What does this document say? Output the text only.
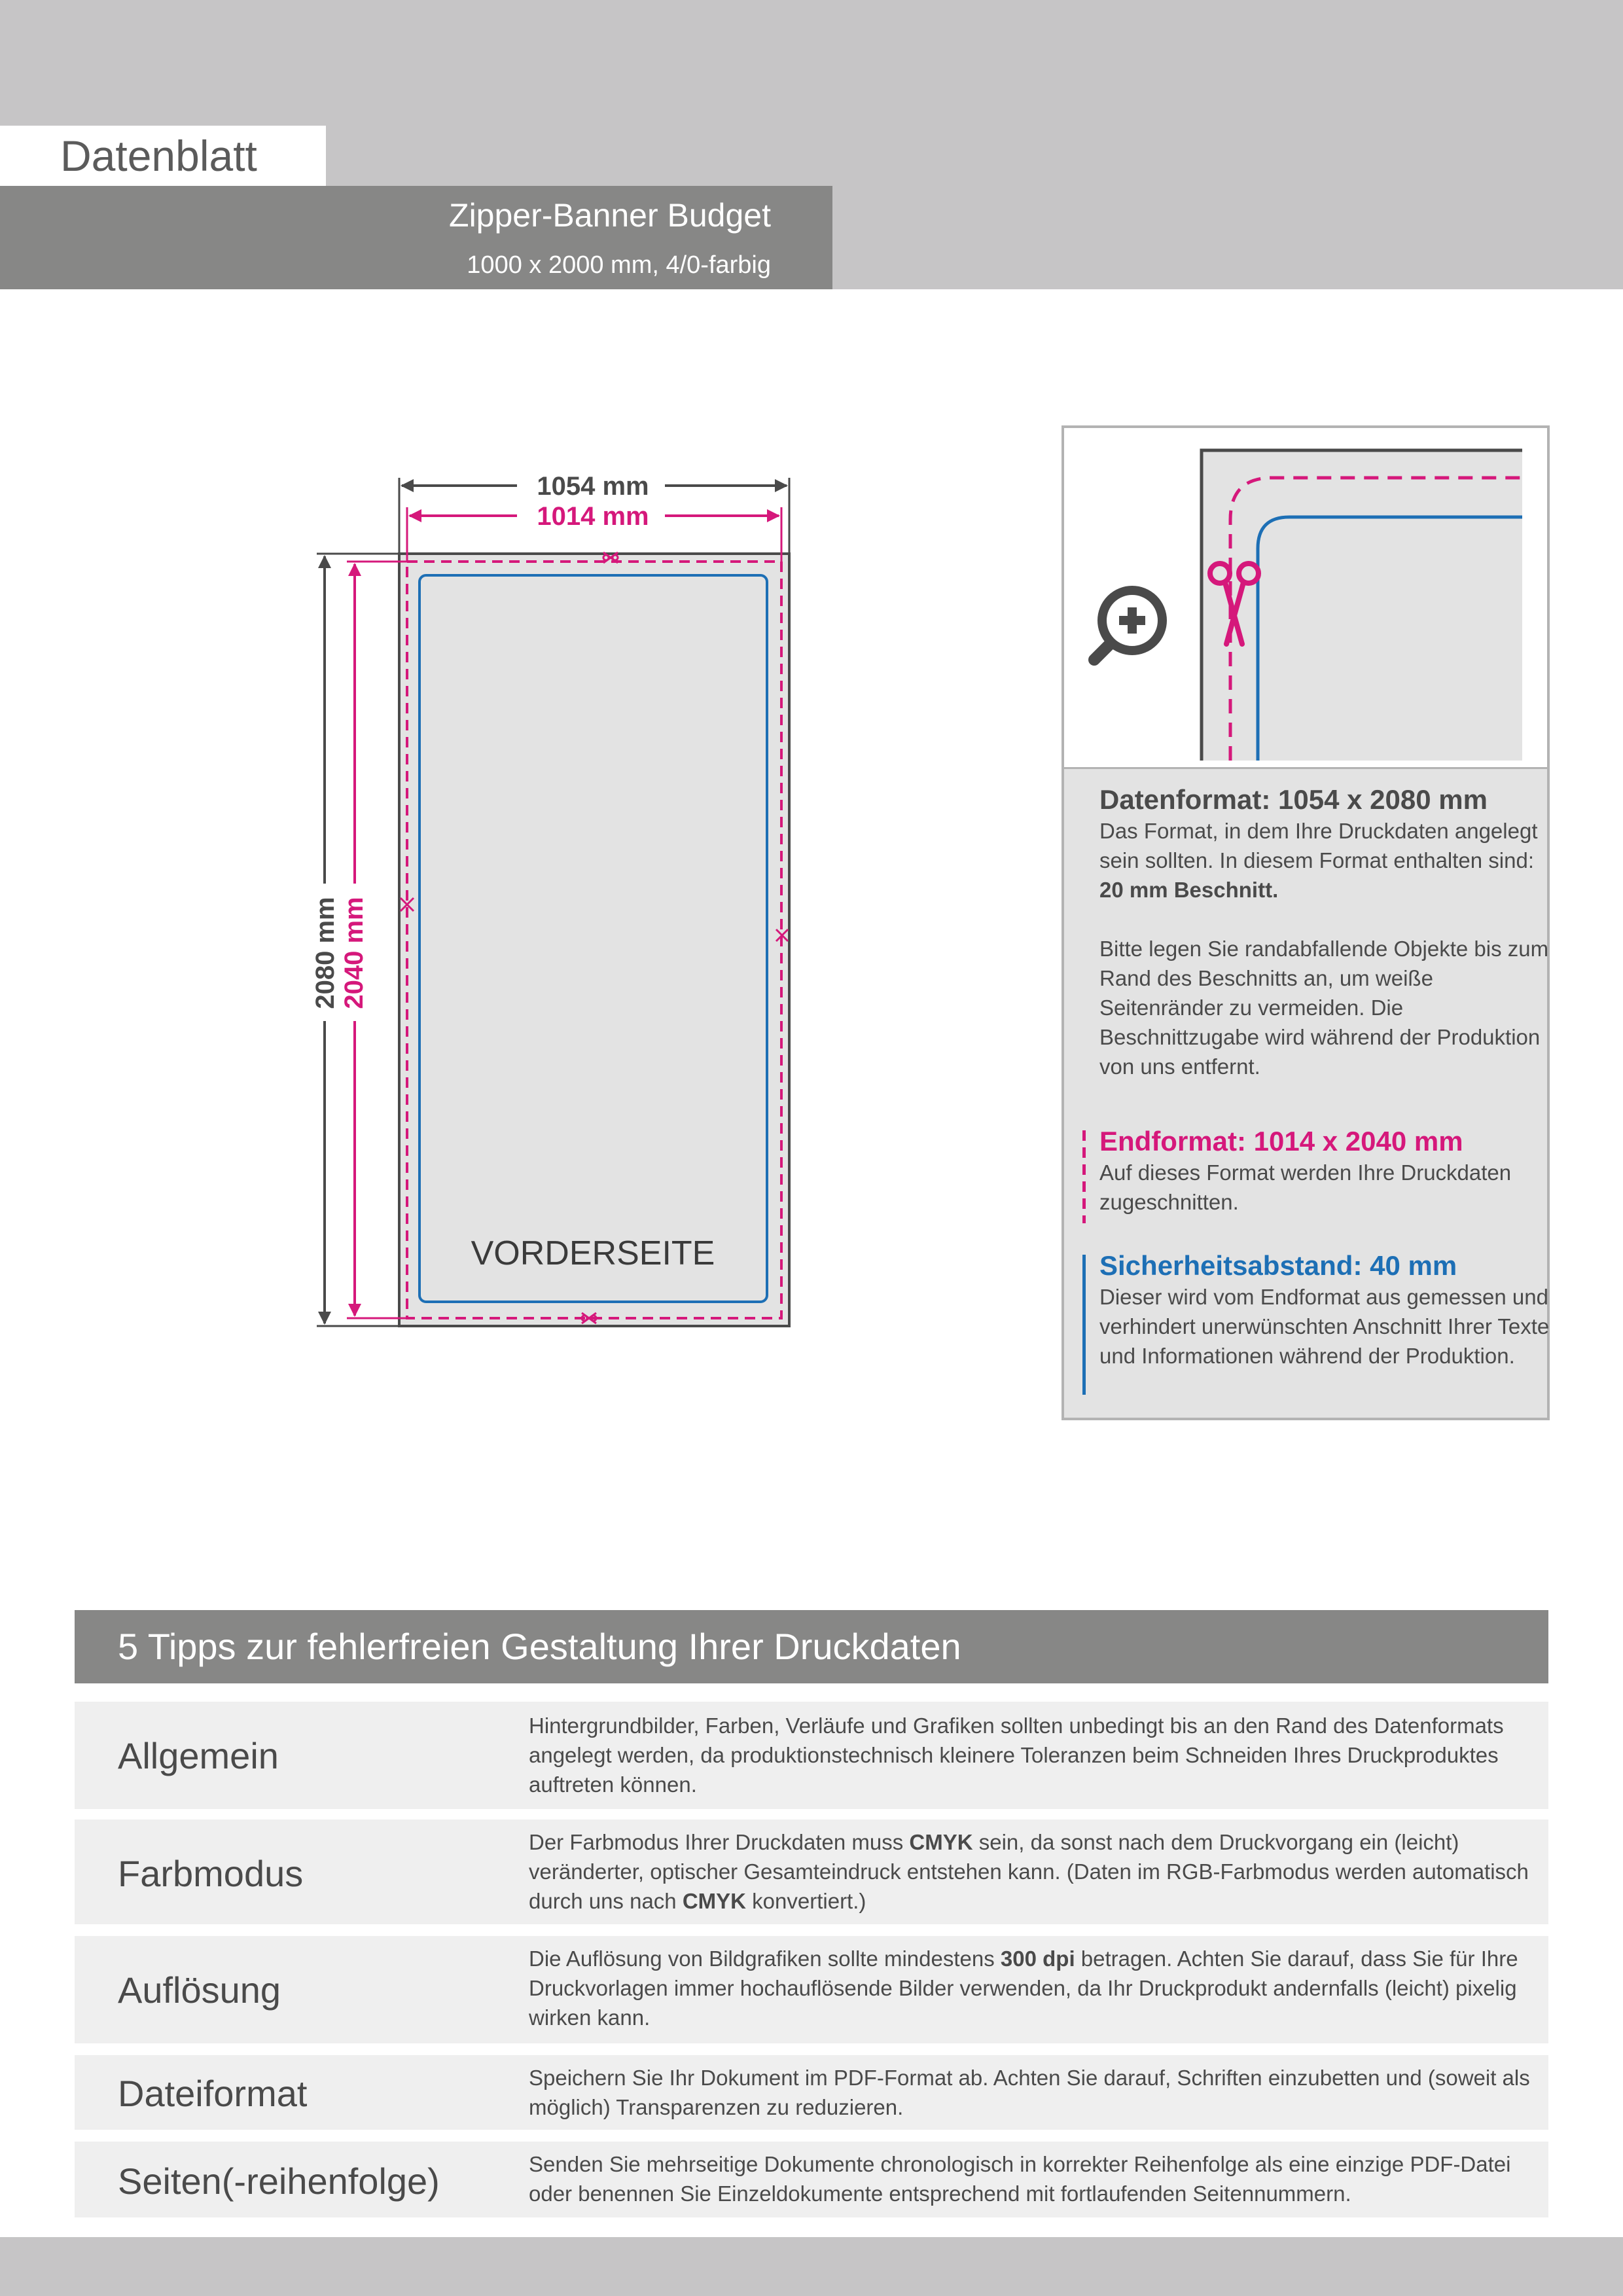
Datenblatt
Zipper-Banner Budget
1000 x 2000 mm, 4/0-farbig
1054 mm
1014 mm
2080 mm 2040 mm
VORDERSEITE
Datenformat: 1054 x 2080 mm
Das Format, in dem Ihre Druckdaten angelegt sein sollten. In diesem Format enthalten sind: 20 mm Beschnitt.
Bitte legen Sie randabfallende Objekte bis zum Rand des Beschnitts an, um weiße Seitenränder zu vermeiden. Die Beschnittzugabe wird während der Produktion von uns entfernt.
Endformat: 1014 x 2040 mm
Auf dieses Format werden Ihre Druckdaten zugeschnitten.
Sicherheitsabstand: 40 mm
Dieser wird vom Endformat aus gemessen und verhindert unerwünschten Anschnitt Ihrer Texte und Informationen während der Produktion.
5 Tipps zur fehlerfreien Gestaltung Ihrer Druckdaten
Allgemein
Hintergrundbilder, Farben, Verläufe und Grafiken sollten unbedingt bis an den Rand des Datenformats angelegt werden, da produktionstechnisch kleinere Toleranzen beim Schneiden Ihres Druckproduktes auftreten können.
Farbmodus
Der Farbmodus Ihrer Druckdaten muss CMYK sein, da sonst nach dem Druckvorgang ein (leicht) veränderter, optischer Gesamteindruck entstehen kann. (Daten im RGB-Farbmodus werden automatisch durch uns nach CMYK konvertiert.)
Auflösung
Die Auflösung von Bildgrafiken sollte mindestens 300 dpi betragen. Achten Sie darauf, dass Sie für Ihre Druckvorlagen immer hochauflösende Bilder verwenden, da Ihr Druckprodukt andernfalls (leicht) pixelig wirken kann.
Dateiformat	Speichern Sie Ihr Dokument im PDF-Format ab. Achten Sie darauf, Schriften einzubetten und (soweit als möglich) Transparenzen zu reduzieren.
Seiten(-reihenfolge)	Senden Sie mehrseitige Dokumente chronologisch in korrekter Reihenfolge als eine einzige PDF-Datei oder benennen Sie Einzeldokumente entsprechend mit fortlaufenden Seitennummern.
